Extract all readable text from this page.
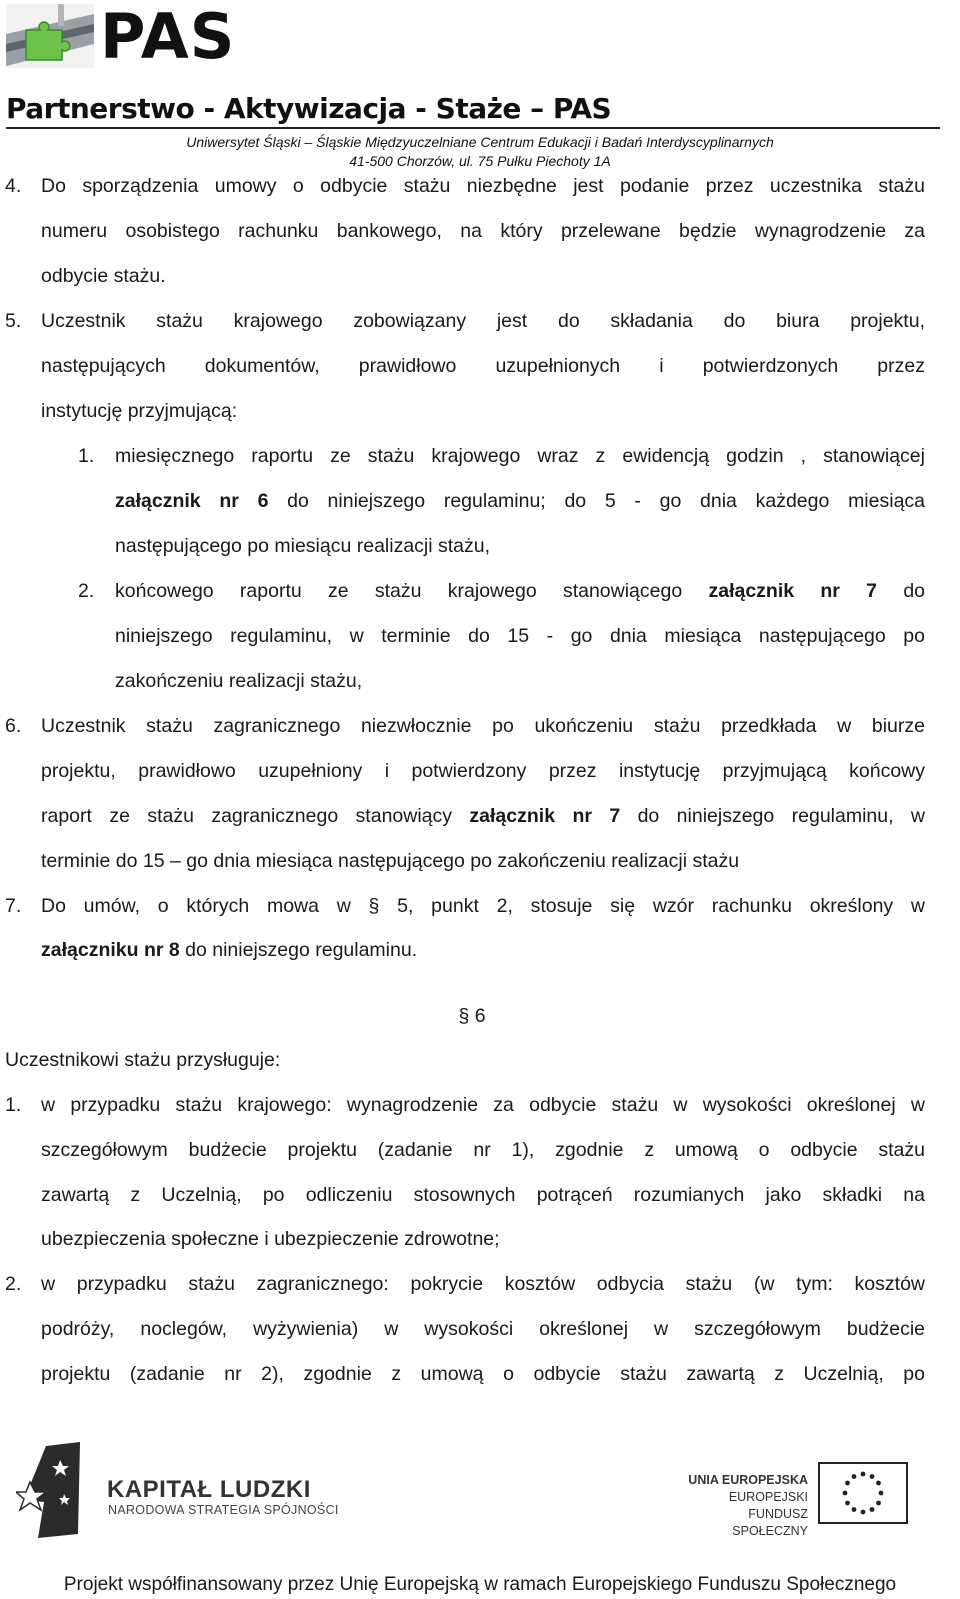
PAS
Partnerstwo - Aktywizacja - Staże – PAS
Uniwersytet Śląski – Śląskie Międzyuczelniane Centrum Edukacji i Badań Interdyscyplinarnych
41-500 Chorzów, ul. 75 Pułku Piechoty 1A
4. Do sporządzenia umowy o odbycie stażu niezbędne jest podanie przez uczestnika stażu
numeru osobistego rachunku bankowego, na który przelewane będzie wynagrodzenie za
odbycie stażu.
5. Uczestnik stażu krajowego zobowiązany jest do składania do biura projektu,
następujących dokumentów, prawidłowo uzupełnionych i potwierdzonych przez
instytucję przyjmującą:
1. miesięcznego raportu ze stażu krajowego wraz z ewidencją godzin , stanowiącej
załącznik nr 6 do niniejszego regulaminu; do 5 - go dnia każdego miesiąca
następującego po miesiącu realizacji stażu,
2. końcowego raportu ze stażu krajowego stanowiącego załącznik nr 7 do
niniejszego regulaminu, w terminie do 15 - go dnia miesiąca następującego po
zakończeniu realizacji stażu,
6. Uczestnik stażu zagranicznego niezwłocznie po ukończeniu stażu przedkłada w biurze
projektu, prawidłowo uzupełniony i potwierdzony przez instytucję przyjmującą końcowy
raport ze stażu zagranicznego stanowiący załącznik nr 7 do niniejszego regulaminu, w
terminie do 15 – go dnia miesiąca następującego po zakończeniu realizacji stażu
7. Do umów, o których mowa w § 5, punkt 2, stosuje się wzór rachunku określony w
załączniku nr 8 do niniejszego regulaminu.
§ 6
Uczestnikowi stażu przysługuje:
1. w przypadku stażu krajowego: wynagrodzenie za odbycie stażu w wysokości określonej w
szczegółowym budżecie projektu (zadanie nr 1), zgodnie z umową o odbycie stażu
zawartą z Uczelnią, po odliczeniu stosownych potrąceń rozumianych jako składki na
ubezpieczenia społeczne i ubezpieczenie zdrowotne;
2. w przypadku stażu zagranicznego: pokrycie kosztów odbycia stażu (w tym: kosztów
podróży, noclegów, wyżywienia) w wysokości określonej w szczegółowym budżecie
projektu (zadanie nr 2), zgodnie z umową o odbycie stażu zawartą z Uczelnią, po
KAPITAŁ LUDZKI
NARODOWA STRATEGIA SPÓJNOŚCI
UNIA EUROPEJSKA
EUROPEJSKI
FUNDUSZ SPOŁECZNY
Projekt współfinansowany przez Unię Europejską w ramach Europejskiego Funduszu Społecznego
